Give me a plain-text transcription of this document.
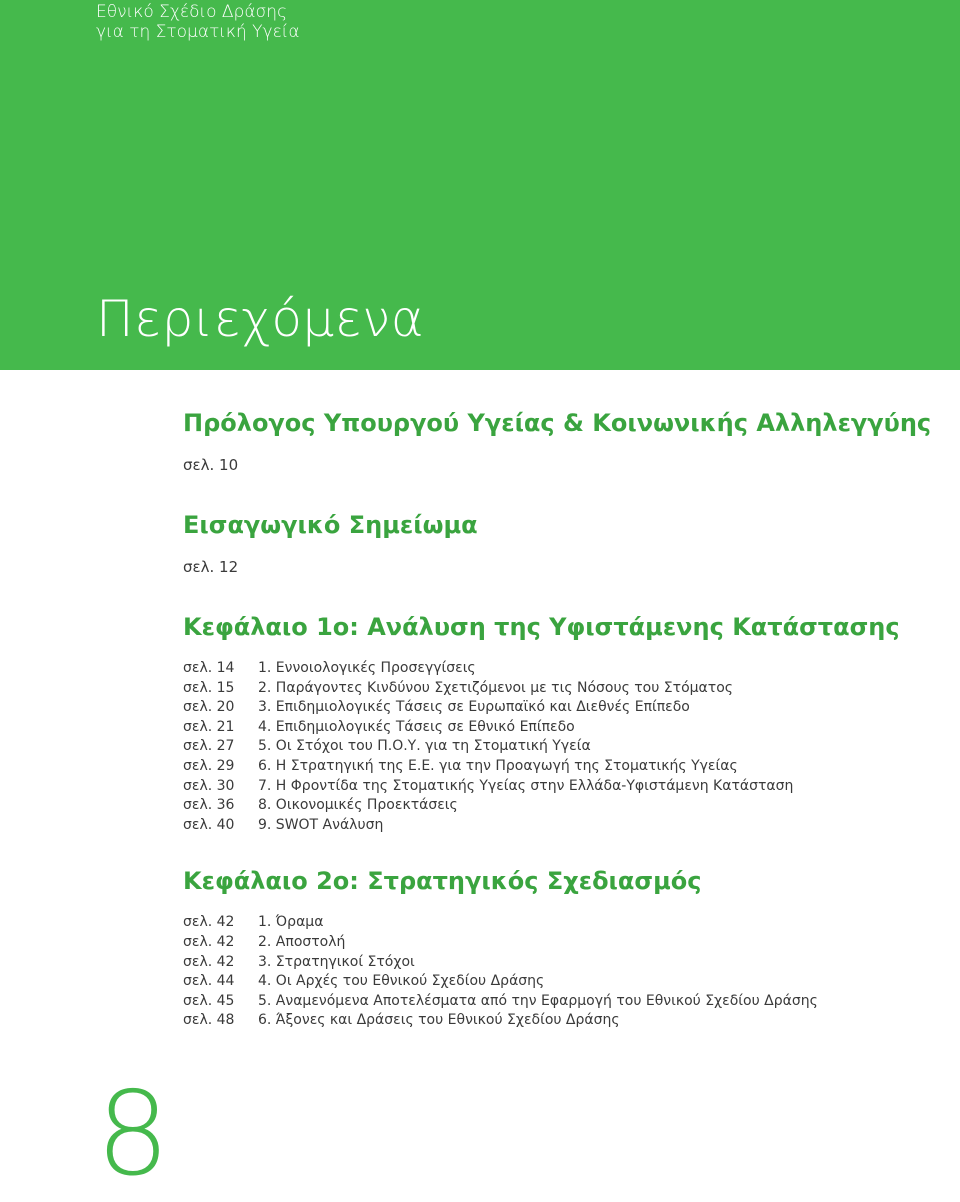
Εθνικό Σχέδιο Δράσης
για τη Στοματική Υγεία
Περιεχόμενα
Πρόλογος Υπουργού Υγείας & Κοινωνικής Αλληλεγγύης
σελ. 10
Εισαγωγικό Σημείωμα
σελ. 12
Κεφάλαιο 1ο: Ανάλυση της Υφιστάμενης Κατάστασης
σελ. 14	1. Εννοιολογικές Προσεγγίσεις
σελ. 15	2. Παράγοντες Κινδύνου Σχετιζόμενοι με τις Νόσους του Στόματος
σελ. 20	3. Επιδημιολογικές Τάσεις σε Ευρωπαϊκό και Διεθνές Επίπεδο
σελ. 21	4. Επιδημιολογικές Τάσεις σε Εθνικό Επίπεδο
σελ. 27	5. Οι Στόχοι του Π.Ο.Υ. για τη Στοματική Υγεία
σελ. 29	6. Η Στρατηγική της Ε.Ε. για την Προαγωγή της Στοματικής Υγείας
σελ. 30	7. Η Φροντίδα της Στοματικής Υγείας στην Ελλάδα-Υφιστάμενη Κατάσταση
σελ. 36	8. Οικονομικές Προεκτάσεις
σελ. 40	9. SWOT Ανάλυση
Κεφάλαιο 2ο: Στρατηγικός Σχεδιασμός
σελ. 42	1. Όραμα
σελ. 42	2. Αποστολή
σελ. 42	3. Στρατηγικοί Στόχοι
σελ. 44	4. Οι Αρχές του Εθνικού Σχεδίου Δράσης
σελ. 45	5. Αναμενόμενα Αποτελέσματα από την Εφαρμογή του Εθνικού Σχεδίου Δράσης
σελ. 48	6. Άξονες και Δράσεις του Εθνικού Σχεδίου Δράσης
8
